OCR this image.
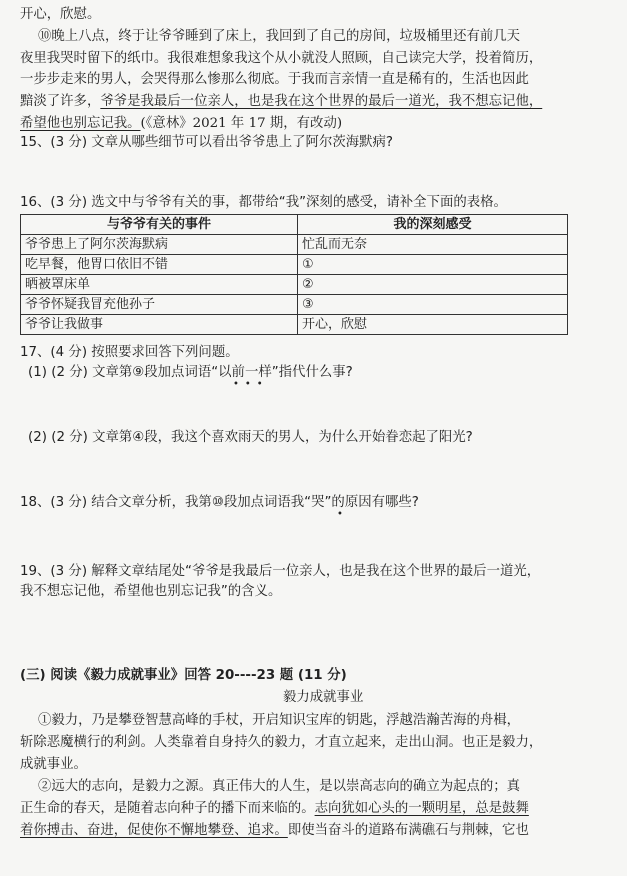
开心，欣慰。
⑩晚上八点，终于让爷爷睡到了床上，我回到了自己的房间，垃圾桶里还有前几天
夜里我哭时留下的纸巾。我很难想象我这个从小就没人照顾，自己读完大学，投着简历，
一步步走来的男人，会哭得那么惨那么彻底。于我而言亲情一直是稀有的，生活也因此
黯淡了许多，爷爷是我最后一位亲人，也是我在这个世界的最后一道光，我不想忘记他，
希望他也别忘记我。(《意林》2021 年 17 期，有改动)
15、(3 分) 文章从哪些细节可以看出爷爷患上了阿尔茨海默病?
16、(3 分) 选文中与爷爷有关的事，都带给“我”深刻的感受，请补全下面的表格。
与爷爷有关的事件	我的深刻感受
爷爷患上了阿尔茨海默病	忙乱而无奈
吃早餐，他胃口依旧不错	①
晒被罩床单	②
爷爷怀疑我冒充他孙子	③
爷爷让我做事	开心，欣慰
17、(4 分) 按照要求回答下列问题。
(1) (2 分) 文章第⑨段加点词语“以前一样”指代什么事?
•••
(2) (2 分) 文章第④段，我这个喜欢雨天的男人，为什么开始眷恋起了阳光?
18、(3 分) 结合文章分析，我第⑩段加点词语我“哭”的原因有哪些?
•
19、(3 分) 解释文章结尾处“爷爷是我最后一位亲人，也是我在这个世界的最后一道光，
我不想忘记他，希望他也别忘记我”的含义。
(三) 阅读《毅力成就事业》回答 20----23 题 (11 分)
毅力成就事业
①毅力，乃是攀登智慧高峰的手杖，开启知识宝库的钥匙，浮越浩瀚苦海的舟楫，
斩除恶魔横行的利剑。人类靠着自身持久的毅力，才直立起来，走出山洞。也正是毅力，
成就事业。
②远大的志向，是毅力之源。真正伟大的人生，是以崇高志向的确立为起点的；真
正生命的春天，是随着志向种子的播下而来临的。志向犹如心头的一颗明星，总是鼓舞
着你搏击、奋进，促使你不懈地攀登、追求。即使当奋斗的道路布满礁石与荆棘，它也
